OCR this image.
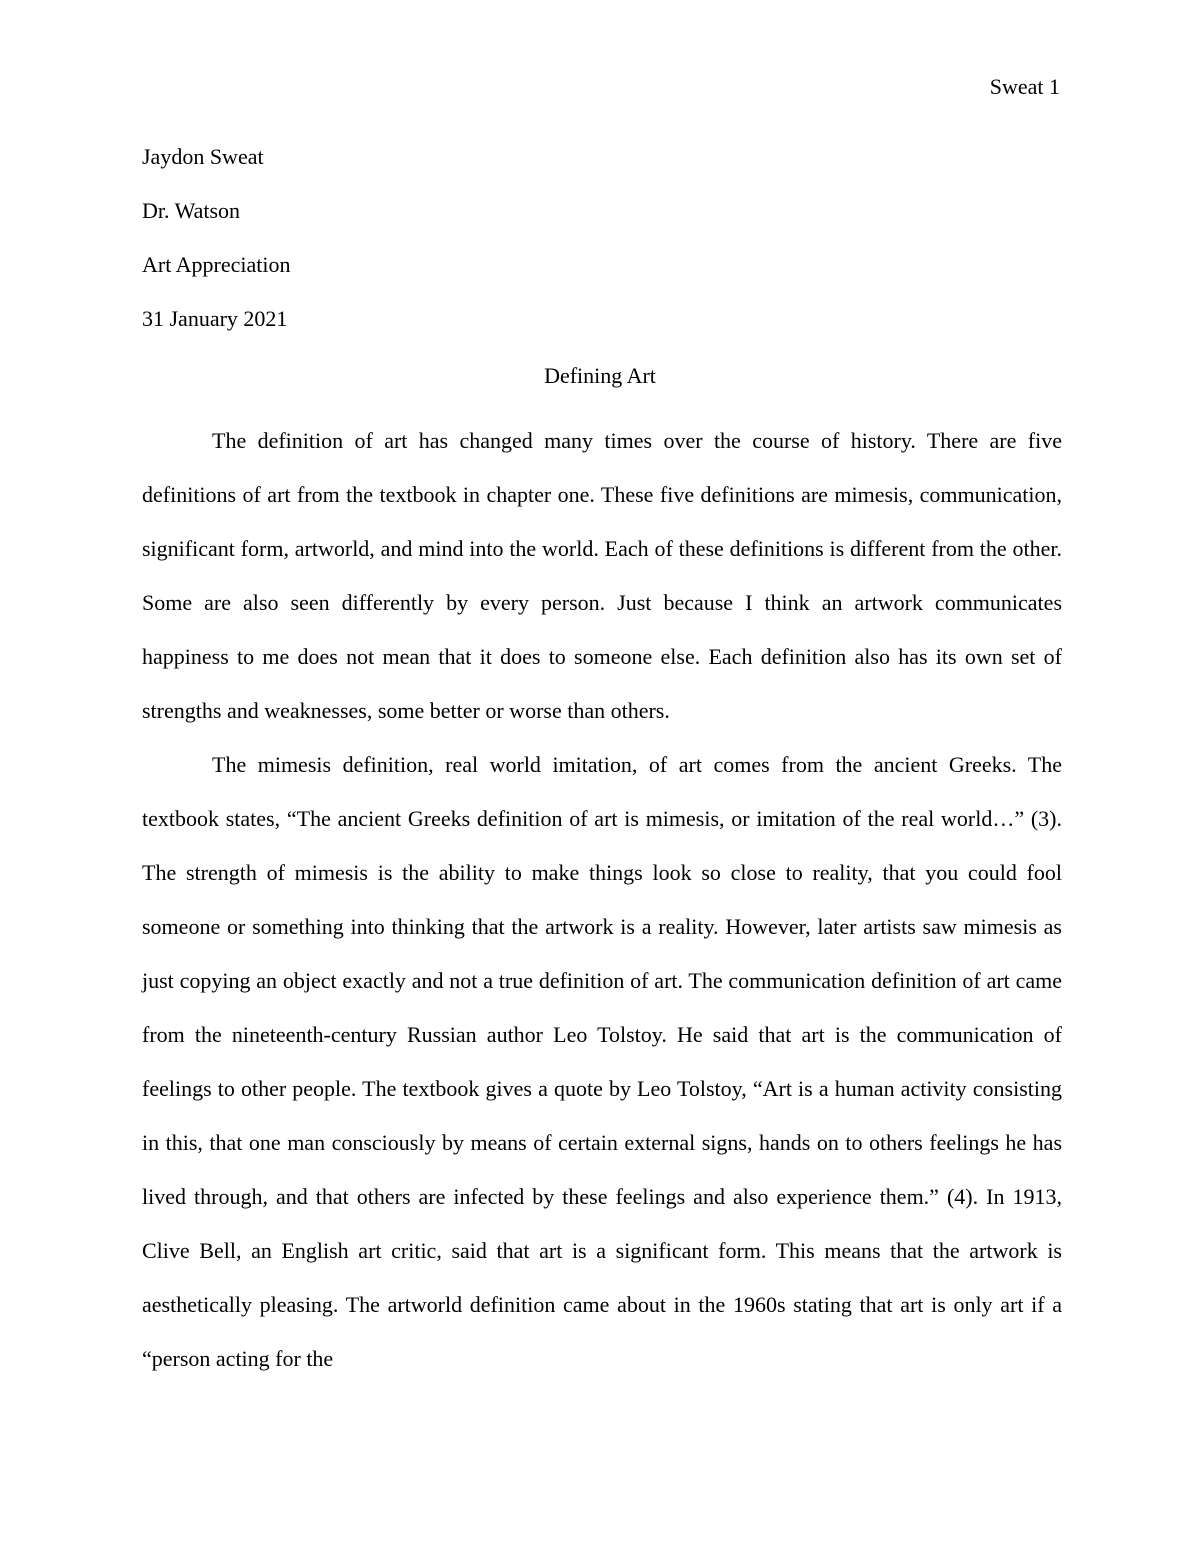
Sweat 1
Jaydon Sweat
Dr. Watson
Art Appreciation
31 January 2021
Defining Art

The definition of art has changed many times over the course of history. There are five definitions of art from the textbook in chapter one. These five definitions are mimesis, communication, significant form, artworld, and mind into the world. Each of these definitions is different from the other. Some are also seen differently by every person. Just because I think an artwork communicates happiness to me does not mean that it does to someone else. Each definition also has its own set of strengths and weaknesses, some better or worse than others.

The mimesis definition, real world imitation, of art comes from the ancient Greeks. The textbook states, “The ancient Greeks definition of art is mimesis, or imitation of the real world…” (3). The strength of mimesis is the ability to make things look so close to reality, that you could fool someone or something into thinking that the artwork is a reality. However, later artists saw mimesis as just copying an object exactly and not a true definition of art. The communication definition of art came from the nineteenth-century Russian author Leo Tolstoy. He said that art is the communication of feelings to other people. The textbook gives a quote by Leo Tolstoy, “Art is a human activity consisting in this, that one man consciously by means of certain external signs, hands on to others feelings he has lived through, and that others are infected by these feelings and also experience them.” (4). In 1913, Clive Bell, an English art critic, said that art is a significant form. This means that the artwork is aesthetically pleasing. The artworld definition came about in the 1960s stating that art is only art if a “person acting for the
